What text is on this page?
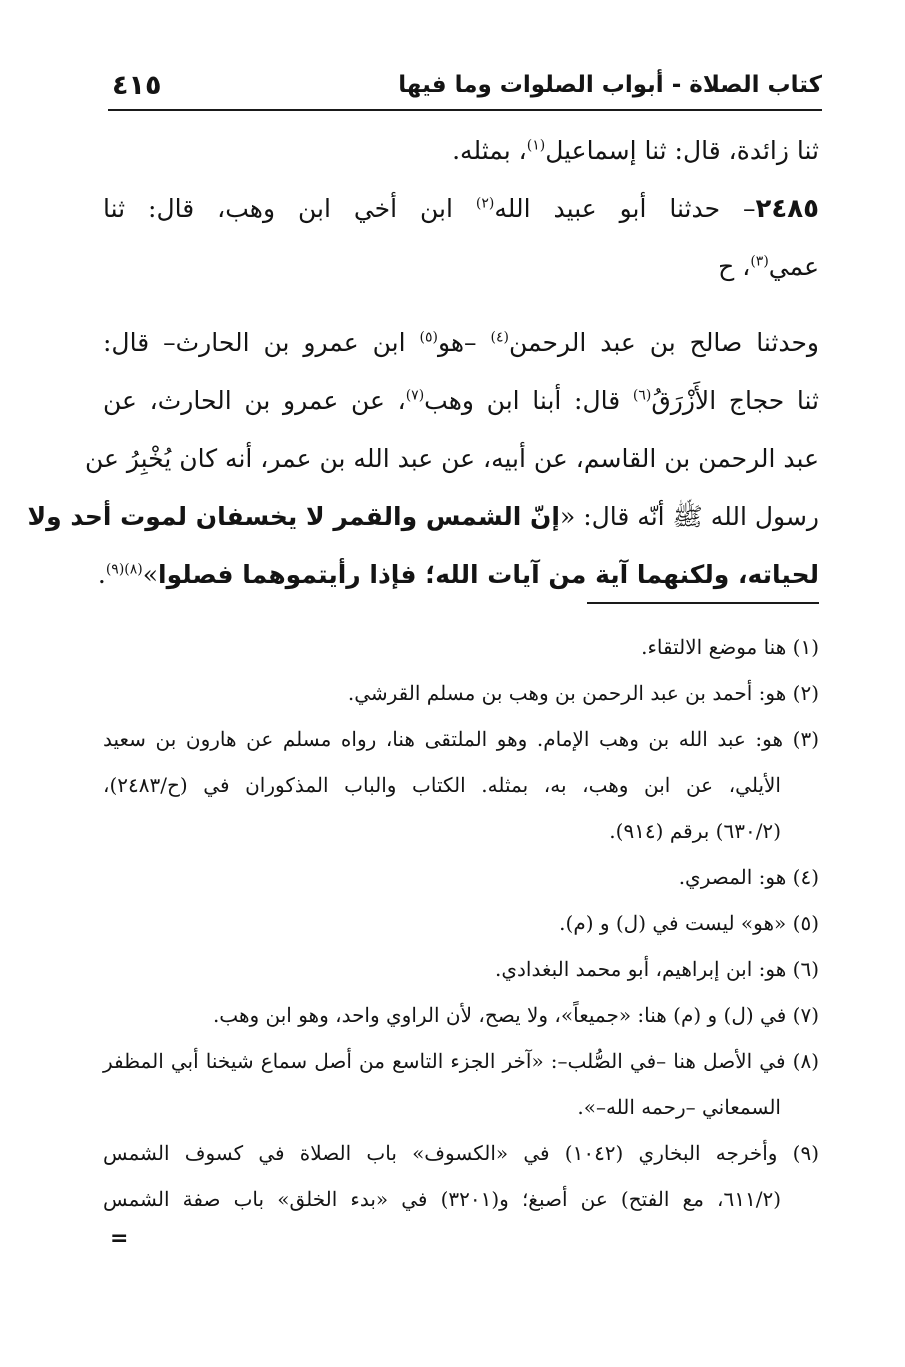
٤١٥	كتاب الصلاة - أبواب الصلوات وما فيها
ثنا زائدة، قال: ثنا إسماعيل$^{(١)}$، بمثله.
٢٤٨٥– حدثنا أبو عبيد الله$^{(٢)}$ ابن أخي ابن وهب، قال: ثنا
عمي$^{(٣)}$، ح
وحدثنا صالح بن عبد الرحمن$^{(٤)}$ –هو$^{(٥)}$ ابن عمرو بن الحارث– قال:
ثنا حجاج الأَزْرَقُ$^{(٦)}$ قال: أبنا ابن وهب$^{(٧)}$، عن عمرو بن الحارث، عن
عبد الرحمن بن القاسم، عن أبيه، عن عبد الله بن عمر، أنه كان يُخْبِرُ عن
رسول الله ﷺ أنّه قال: «إنّ الشمس والقمر لا يخسفان لموت أحد ولا
لحياته، ولكنهما آية من آيات الله؛ فإذا رأيتموهما فصلوا»$^{(٨)(٩)}$.
(١) هنا موضع الالتقاء.
(٢) هو: أحمد بن عبد الرحمن بن وهب بن مسلم القرشي.
(٣) هو: عبد الله بن وهب الإمام. وهو الملتقى هنا، رواه مسلم عن هارون بن سعيد
الأيلي، عن ابن وهب، به، بمثله. الكتاب والباب المذكوران في (ح/٢٤٨٣)،
(٦٣٠/٢) برقم (٩١٤).
(٤) هو: المصري.
(٥) «هو» ليست في (ل) و (م).
(٦) هو: ابن إبراهيم، أبو محمد البغدادي.
(٧) في (ل) و (م) هنا: «جميعاً»، ولا يصح، لأن الراوي واحد، وهو ابن وهب.
(٨) في الأصل هنا –في الصُّلب–: «آخر الجزء التاسع من أصل سماع شيخنا أبي المظفر
السمعاني –رحمه الله–».
(٩) وأخرجه البخاري (١٠٤٢) في «الكسوف» باب الصلاة في كسوف الشمس
(٦١١/٢، مع الفتح) عن أصبغ؛ و(٣٢٠١) في «بدء الخلق» باب صفة الشمس
=
